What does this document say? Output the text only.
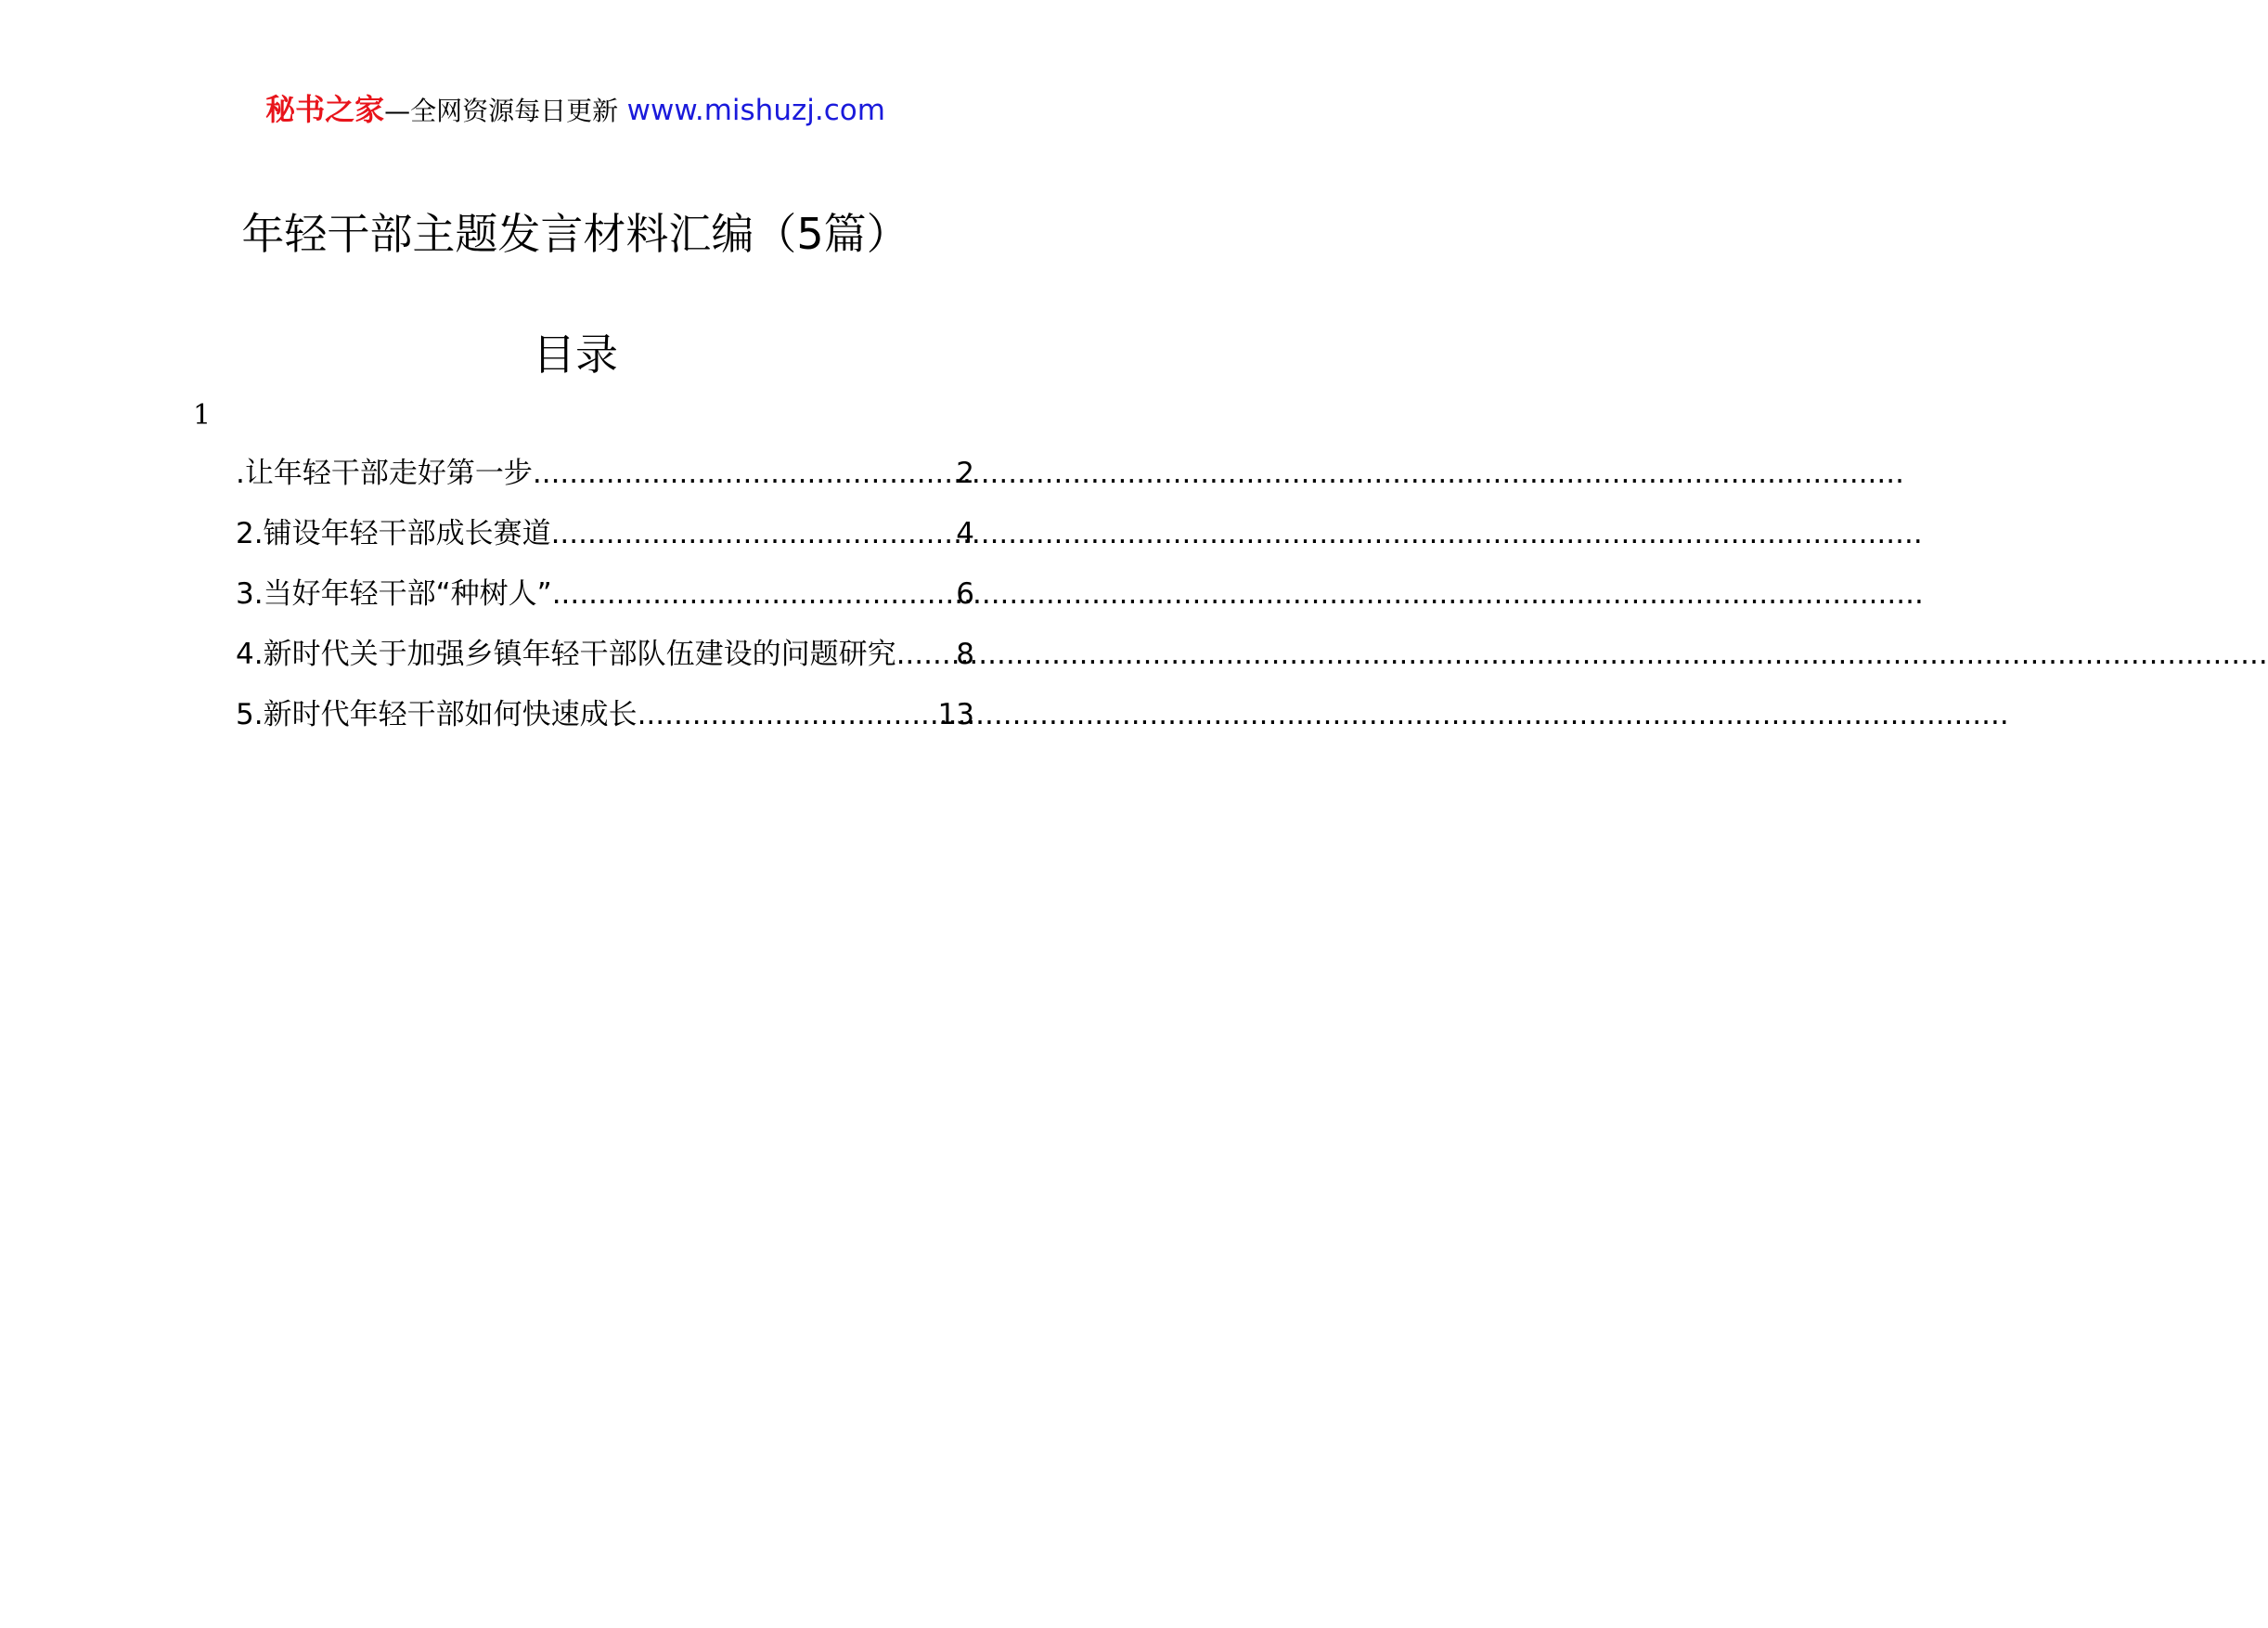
秘书之家—全网资源每日更新 www.mishuzj.com
年轻干部主题发言材料汇编（5篇）
目录
1
.让年轻干部走好第一步 .....	2
2.铺设年轻干部成长赛道 .....	4
3.当好年轻干部“种树人” .....	6
4.新时代关于加强乡镇年轻干部队伍建设的问题研究 ..... 8
5.新时代年轻干部如何快速成长 .....	13
